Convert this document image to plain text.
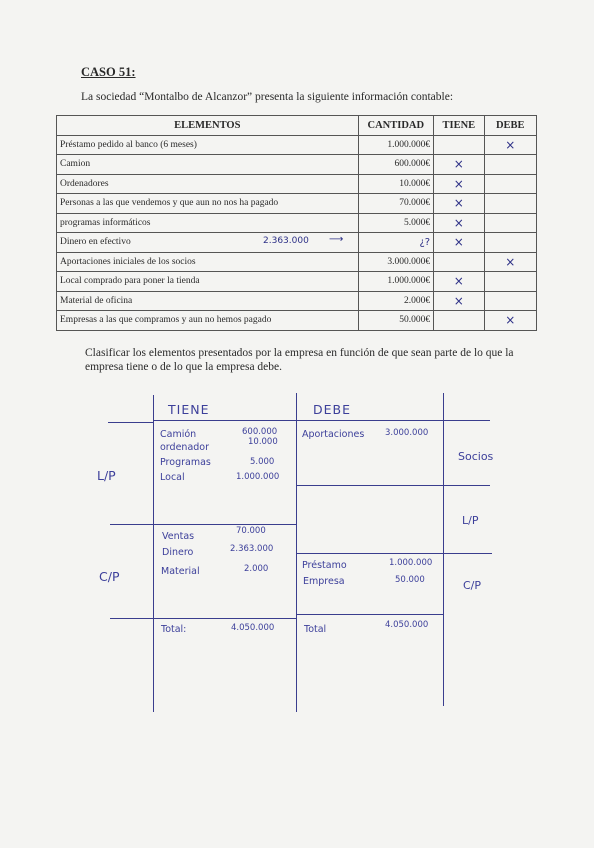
CASO 51:
La sociedad “Montalbo de Alcanzor” presenta la siguiente información contable:
ELEMENTOS	CANTIDAD	TIENE	DEBE
Préstamo pedido al banco (6 meses)	1.000.000€		×
Camion	600.000€	×	
Ordenadores	10.000€	×	
Personas a las que vendemos y que aun no nos ha pagado	70.000€	×	
programas informáticos	5.000€	×	
Dinero en efectivo 2.363.000 ⟶	¿?	×	
Aportaciones iniciales de los socios	3.000.000€		×
Local comprado para poner la tienda	1.000.000€	×	
Material de oficina	2.000€	×	
Empresas a las que compramos y aun no hemos pagado	50.000€		×
Clasificar los elementos presentados por la empresa en función de que sean parte de lo que la empresa tiene o de lo que la empresa debe.
TIENE	DEBE
L/P
C/P
Socios
L/P
C/P
Camión	600.000
ordenador	10.000
Programas	5.000
Local	1.000.000
Ventas	70.000
Dinero	2.363.000
Material	2.000
Aportaciones 3.000.000
Préstamo	1.000.000
Empresa	50.000
Total:	4.050.000	Total	4.050.000
